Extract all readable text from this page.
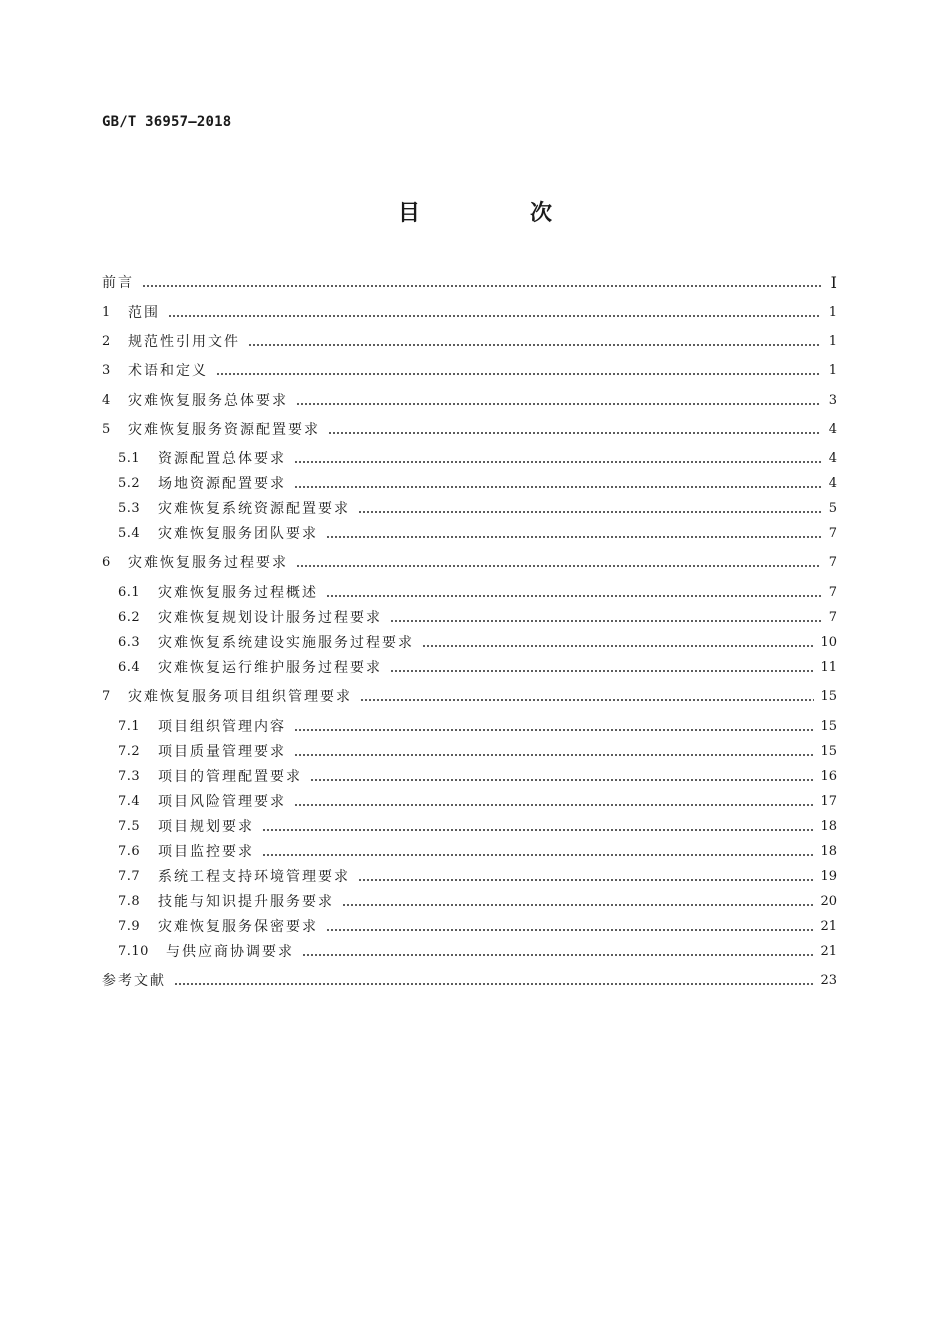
GB/T 36957—2018
目　次
前言	Ⅰ
1	范围	1
2	规范性引用文件	1
3	术语和定义	1
4	灾难恢复服务总体要求	3
5	灾难恢复服务资源配置要求	4
5.1	资源配置总体要求	4
5.2	场地资源配置要求	4
5.3	灾难恢复系统资源配置要求	5
5.4	灾难恢复服务团队要求	7
6	灾难恢复服务过程要求	7
6.1	灾难恢复服务过程概述	7
6.2	灾难恢复规划设计服务过程要求	7
6.3	灾难恢复系统建设实施服务过程要求	10
6.4	灾难恢复运行维护服务过程要求	11
7	灾难恢复服务项目组织管理要求	15
7.1	项目组织管理内容	15
7.2	项目质量管理要求	15
7.3	项目的管理配置要求	16
7.4	项目风险管理要求	17
7.5	项目规划要求	18
7.6	项目监控要求	18
7.7	系统工程支持环境管理要求	19
7.8	技能与知识提升服务要求	20
7.9	灾难恢复服务保密要求	21
7.10	与供应商协调要求	21
参考文献	23
